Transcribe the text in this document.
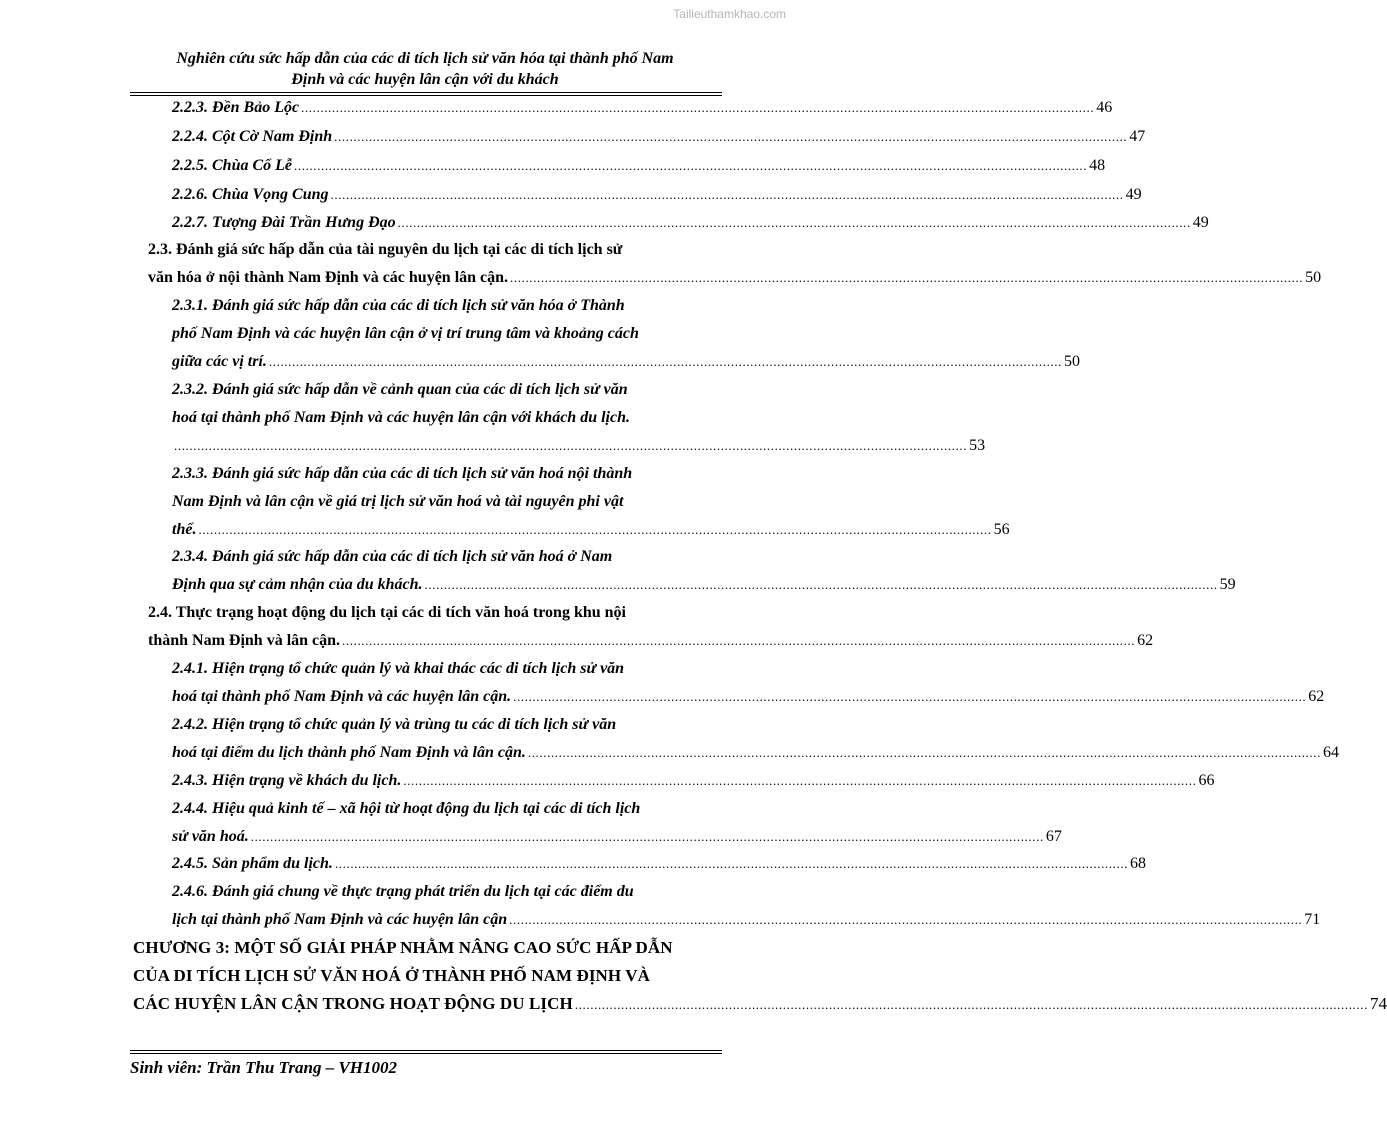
Tailieuthamkhao.com
Nghiên cứu sức hấp dẫn của các di tích lịch sử văn hóa tại thành phố Nam
Định và các huyện lân cận với du khách
2.2.3. Đền Bảo Lộc .....	46
2.2.4. Cột Cờ Nam Định .....	47
2.2.5. Chùa Cổ Lễ .....	48
2.2.6. Chùa Vọng Cung .....	49
2.2.7. Tượng Đài Trần Hưng Đạo .....	49
2.3. Đánh giá sức hấp dẫn của tài nguyên du lịch tại các di tích lịch sử
văn hóa ở nội thành Nam Định và các huyện lân cận. .....	50
2.3.1. Đánh giá sức hấp dẫn của các di tích lịch sử văn hóa ở Thành
phố Nam Định và các huyện lân cận ở vị trí trung tâm và khoảng cách
giữa các vị trí. .....	50
2.3.2. Đánh giá sức hấp dẫn về cảnh quan của các di tích lịch sử văn
hoá tại thành phố Nam Định và các huyện lân cận với khách du lịch.
..... 53
2.3.3. Đánh giá sức hấp dẫn của các di tích lịch sử văn hoá nội thành
Nam Định và lân cận về giá trị lịch sử văn hoá và tài nguyên phi vật
thể. .....	56
2.3.4. Đánh giá sức hấp dẫn của các di tích lịch sử văn hoá ở Nam
Định qua sự cảm nhận của du khách. .....	59
2.4. Thực trạng hoạt động du lịch tại các di tích văn hoá trong khu nội
thành Nam Định và lân cận. .....	62
2.4.1. Hiện trạng tổ chức quản lý và khai thác các di tích lịch sử văn
hoá tại thành phố Nam Định và các huyện lân cận. .....	62
2.4.2. Hiện trạng tổ chức quản lý và trùng tu các di tích lịch sử văn
hoá tại điểm du lịch thành phố Nam Định và lân cận. .....	64
2.4.3. Hiện trạng về khách du lịch. .....	66
2.4.4. Hiệu quả kinh tế – xã hội từ hoạt động du lịch tại các di tích lịch
sử văn hoá. .....	67
2.4.5. Sản phẩm du lịch. .....	68
2.4.6. Đánh giá chung về thực trạng phát triển du lịch tại các điểm du
lịch tại thành phố Nam Định và các huyện lân cận .....	71
CHƯƠNG 3: MỘT SỐ GIẢI PHÁP NHẰM NÂNG CAO SỨC HẤP DẪN
CỦA DI TÍCH LỊCH SỬ VĂN HOÁ Ở THÀNH PHỐ NAM ĐỊNH VÀ
CÁC HUYỆN LÂN CẬN TRONG HOẠT ĐỘNG DU LỊCH .....	74
Sinh viên: Trần Thu Trang – VH1002
